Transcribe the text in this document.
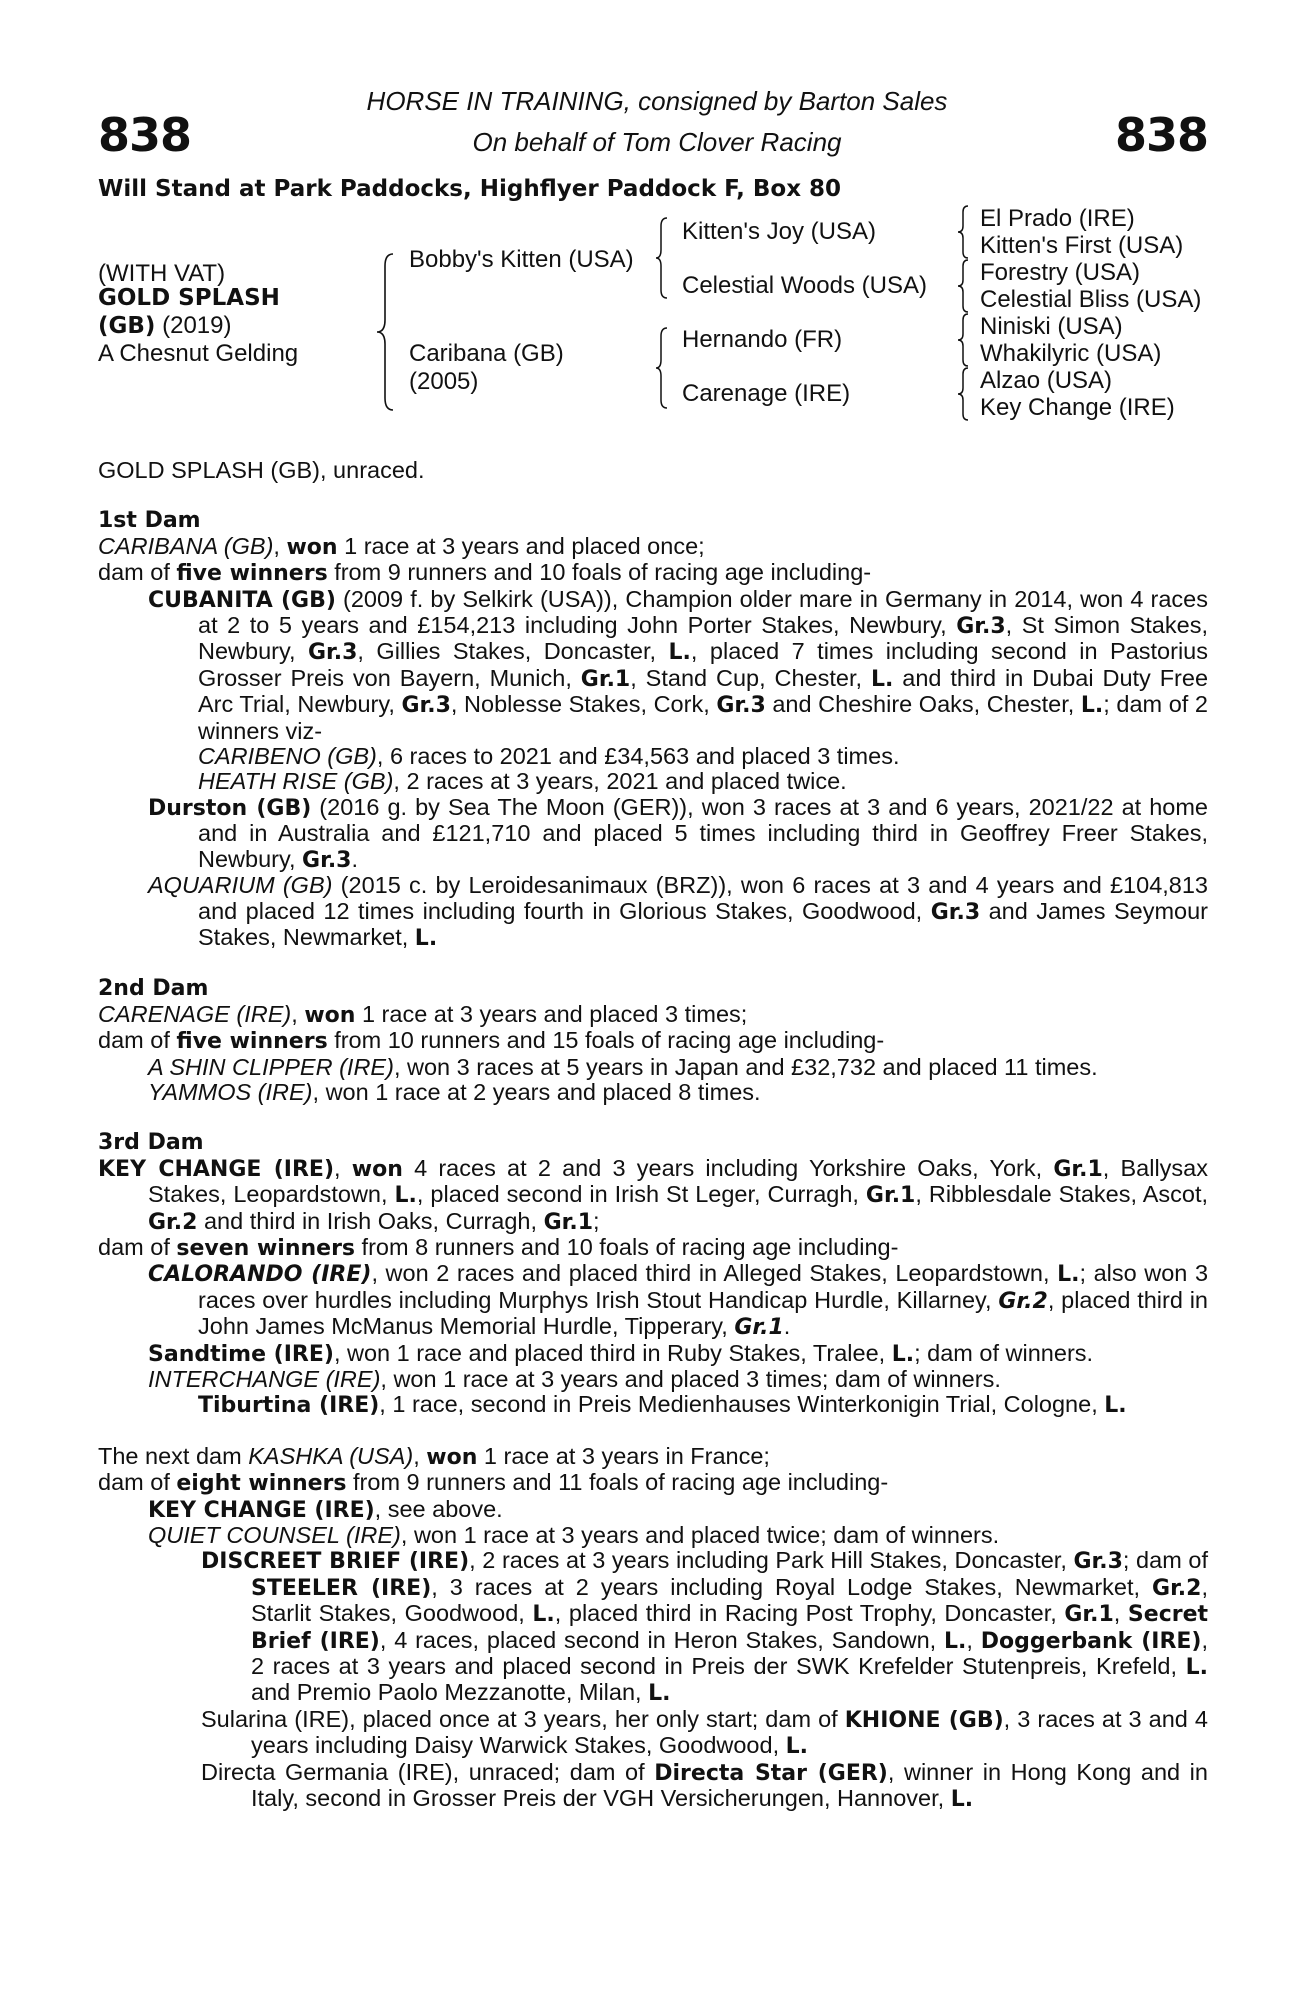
838	838
HORSE IN TRAINING, consigned by Barton Sales
On behalf of Tom Clover Racing
Will Stand at Park Paddocks, Highflyer Paddock F, Box 80
(WITH VAT)
GOLD SPLASH
(GB) (2019)
A Chesnut Gelding
Bobby's Kitten (USA)
Caribana (GB)
(2005)
Kitten's Joy (USA)
Celestial Woods (USA)
Hernando (FR)
Carenage (IRE)
El Prado (IRE)
Kitten's First (USA)
Forestry (USA)
Celestial Bliss (USA)
Niniski (USA)
Whakilyric (USA)
Alzao (USA)
Key Change (IRE)

GOLD SPLASH (GB), unraced.

1st Dam

CARIBANA (GB), won 1 race at 3 years and placed once;

dam of five winners from 9 runners and 10 foals of racing age including-

CUBANITA (GB) (2009 f. by Selkirk (USA)), Champion older mare in Germany in 2014, won 4 races at 2 to 5 years and £154,213 including John Porter Stakes, Newbury, Gr.3, St Simon Stakes, Newbury, Gr.3, Gillies Stakes, Doncaster, L., placed 7 times including second in Pastorius Grosser Preis von Bayern, Munich, Gr.1, Stand Cup, Chester, L. and third in Dubai Duty Free Arc Trial, Newbury, Gr.3, Noblesse Stakes, Cork, Gr.3 and Cheshire Oaks, Chester, L.; dam of 2 winners viz-

CARIBENO (GB), 6 races to 2021 and £34,563 and placed 3 times.

HEATH RISE (GB), 2 races at 3 years, 2021 and placed twice.

Durston (GB) (2016 g. by Sea The Moon (GER)), won 3 races at 3 and 6 years, 2021/22 at home and in Australia and £121,710 and placed 5 times including third in Geoffrey Freer Stakes, Newbury, Gr.3.

AQUARIUM (GB) (2015 c. by Leroidesanimaux (BRZ)), won 6 races at 3 and 4 years and £104,813 and placed 12 times including fourth in Glorious Stakes, Goodwood, Gr.3 and James Seymour Stakes, Newmarket, L.

2nd Dam

CARENAGE (IRE), won 1 race at 3 years and placed 3 times;

dam of five winners from 10 runners and 15 foals of racing age including-

A SHIN CLIPPER (IRE), won 3 races at 5 years in Japan and £32,732 and placed 11 times.

YAMMOS (IRE), won 1 race at 2 years and placed 8 times.

3rd Dam

KEY CHANGE (IRE), won 4 races at 2 and 3 years including Yorkshire Oaks, York, Gr.1, Ballysax Stakes, Leopardstown, L., placed second in Irish St Leger, Curragh, Gr.1, Ribblesdale Stakes, Ascot, Gr.2 and third in Irish Oaks, Curragh, Gr.1;

dam of seven winners from 8 runners and 10 foals of racing age including-

CALORANDO (IRE), won 2 races and placed third in Alleged Stakes, Leopardstown, L.; also won 3 races over hurdles including Murphys Irish Stout Handicap Hurdle, Killarney, Gr.2, placed third in John James McManus Memorial Hurdle, Tipperary, Gr.1.

Sandtime (IRE), won 1 race and placed third in Ruby Stakes, Tralee, L.; dam of winners.

INTERCHANGE (IRE), won 1 race at 3 years and placed 3 times; dam of winners.

Tiburtina (IRE), 1 race, second in Preis Medienhauses Winterkonigin Trial, Cologne, L.

The next dam KASHKA (USA), won 1 race at 3 years in France;

dam of eight winners from 9 runners and 11 foals of racing age including-

KEY CHANGE (IRE), see above.

QUIET COUNSEL (IRE), won 1 race at 3 years and placed twice; dam of winners.

DISCREET BRIEF (IRE), 2 races at 3 years including Park Hill Stakes, Doncaster, Gr.3; dam of STEELER (IRE), 3 races at 2 years including Royal Lodge Stakes, Newmarket, Gr.2, Starlit Stakes, Goodwood, L., placed third in Racing Post Trophy, Doncaster, Gr.1, Secret Brief (IRE), 4 races, placed second in Heron Stakes, Sandown, L., Doggerbank (IRE), 2 races at 3 years and placed second in Preis der SWK Krefelder Stutenpreis, Krefeld, L. and Premio Paolo Mezzanotte, Milan, L.

Sularina (IRE), placed once at 3 years, her only start; dam of KHIONE (GB), 3 races at 3 and 4 years including Daisy Warwick Stakes, Goodwood, L.

Directa Germania (IRE), unraced; dam of Directa Star (GER), winner in Hong Kong and in Italy, second in Grosser Preis der VGH Versicherungen, Hannover, L.
